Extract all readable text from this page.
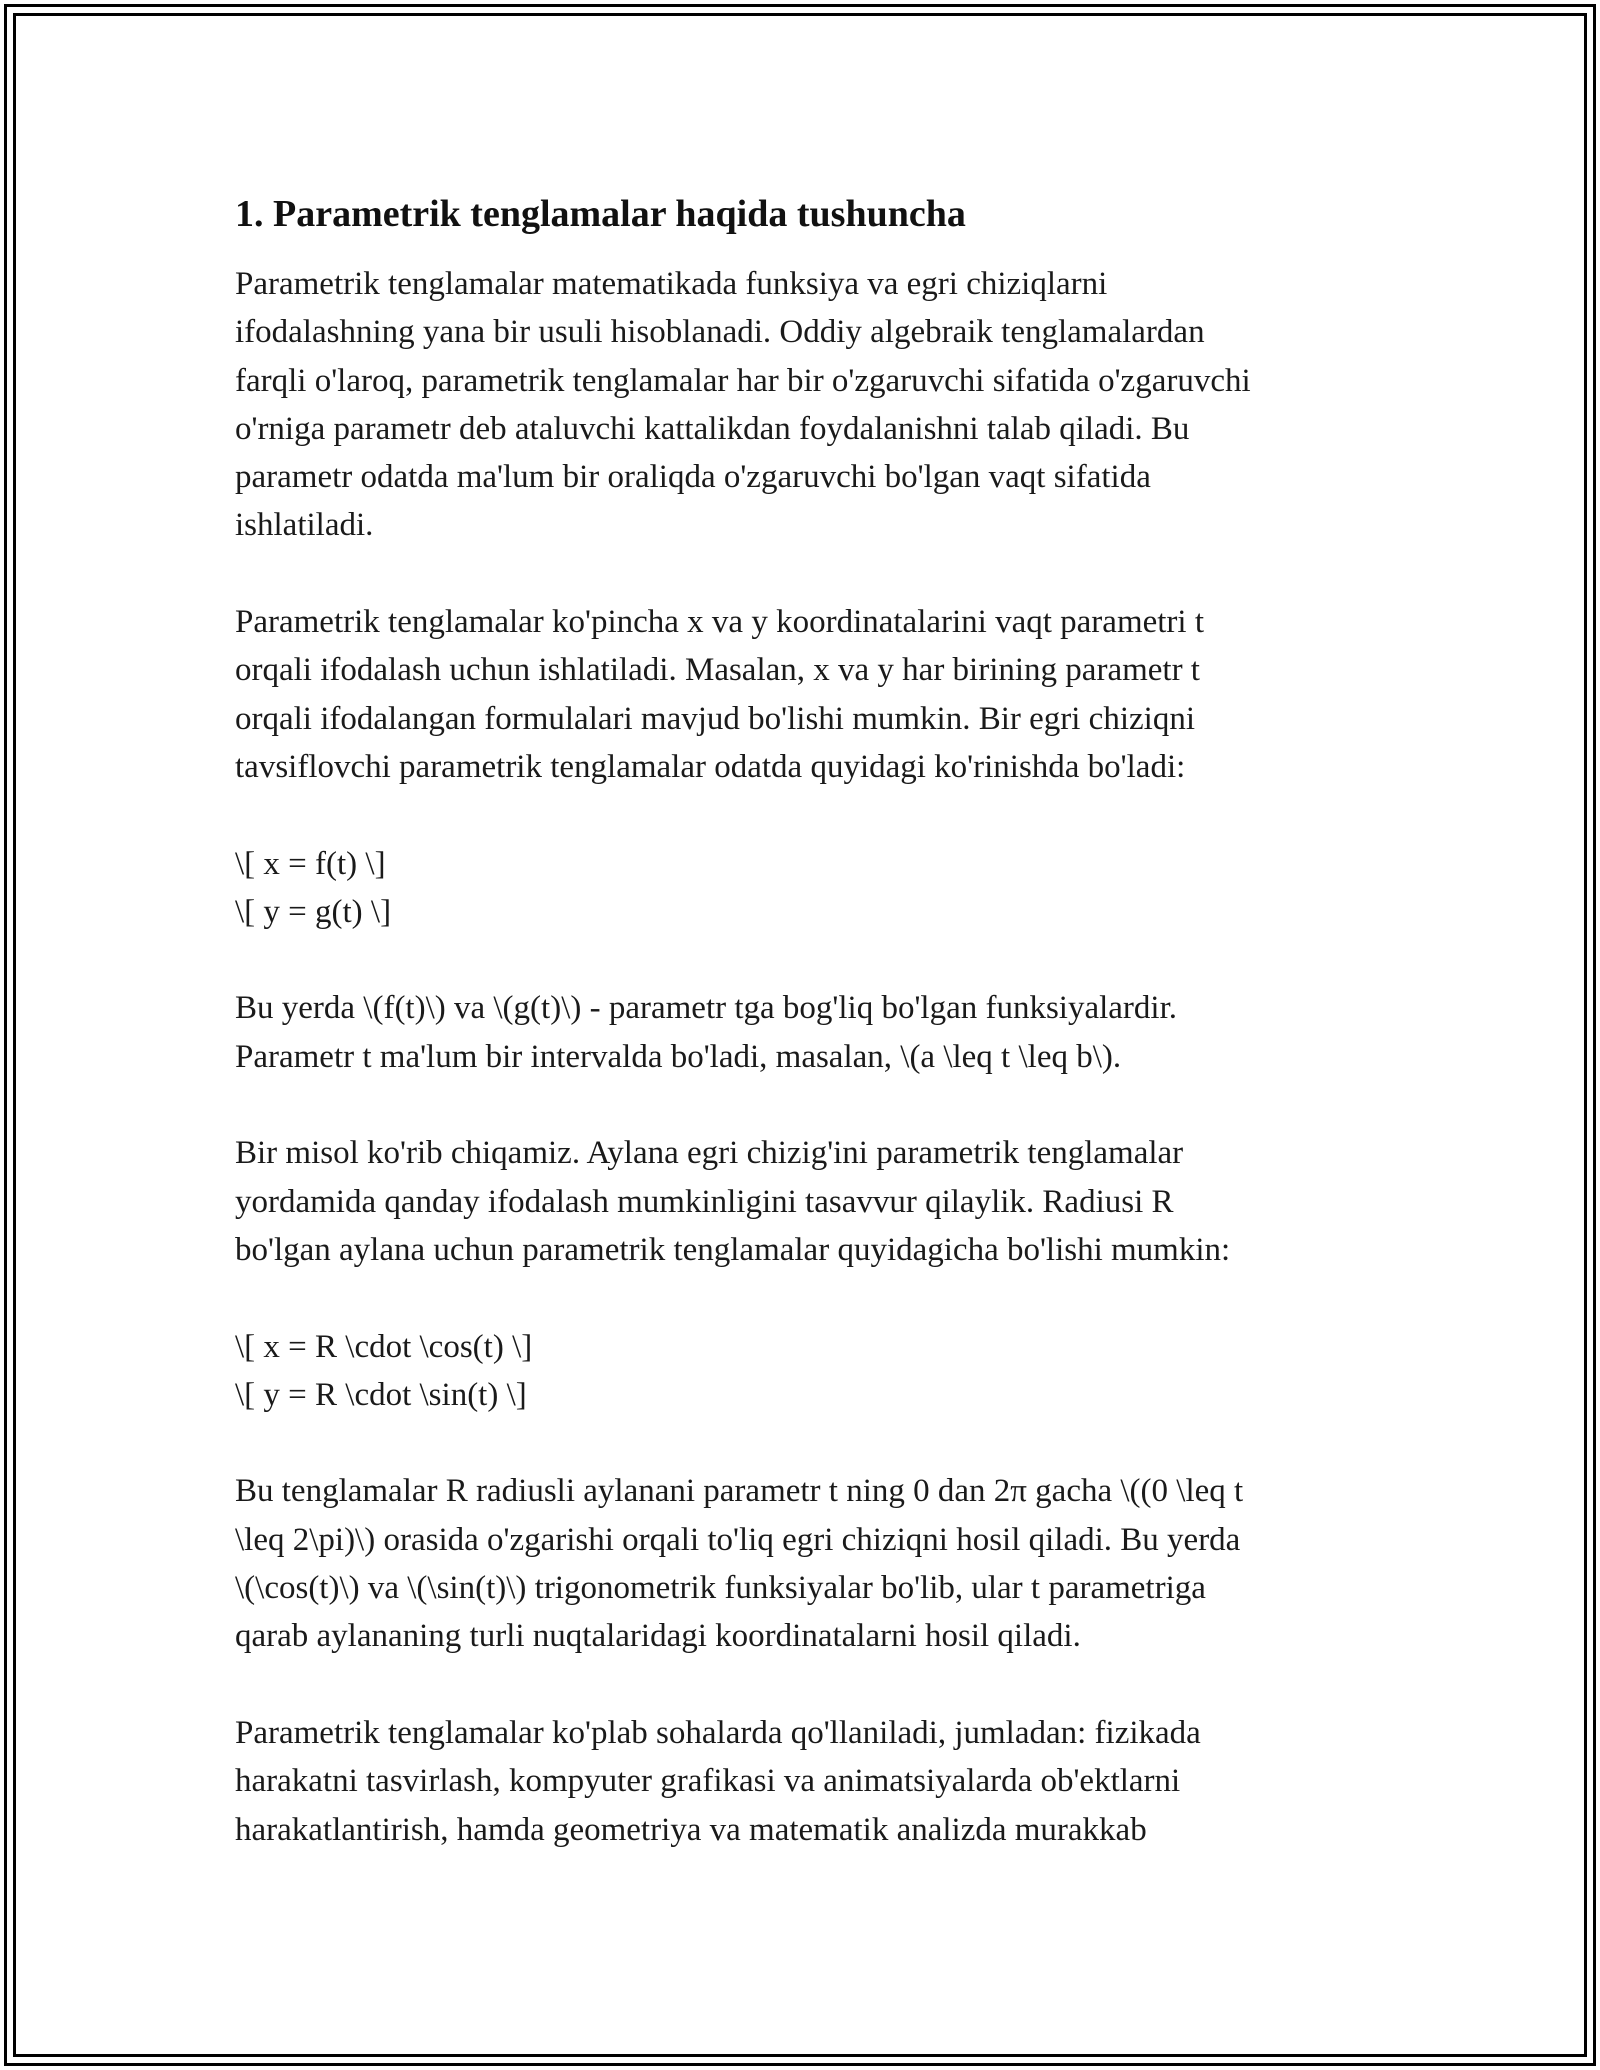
1. Parametrik tenglamalar haqida tushuncha
Parametrik tenglamalar matematikada funksiya va egri chiziqlarni
ifodalashning yana bir usuli hisoblanadi. Oddiy algebraik tenglamalardan
farqli o'laroq, parametrik tenglamalar har bir o'zgaruvchi sifatida o'zgaruvchi
o'rniga parametr deb ataluvchi kattalikdan foydalanishni talab qiladi. Bu
parametr odatda ma'lum bir oraliqda o'zgaruvchi bo'lgan vaqt sifatida
ishlatiladi.

Parametrik tenglamalar ko'pincha x va y koordinatalarini vaqt parametri t
orqali ifodalash uchun ishlatiladi. Masalan, x va y har birining parametr t
orqali ifodalangan formulalari mavjud bo'lishi mumkin. Bir egri chiziqni
tavsiflovchi parametrik tenglamalar odatda quyidagi ko'rinishda bo'ladi:

\[ x = f(t) \]
\[ y = g(t) \]

Bu yerda \(f(t)\) va \(g(t)\) - parametr tga bog'liq bo'lgan funksiyalardir.
Parametr t ma'lum bir intervalda bo'ladi, masalan, \(a \leq t \leq b\).

Bir misol ko'rib chiqamiz. Aylana egri chizig'ini parametrik tenglamalar
yordamida qanday ifodalash mumkinligini tasavvur qilaylik. Radiusi R
bo'lgan aylana uchun parametrik tenglamalar quyidagicha bo'lishi mumkin:

\[ x = R \cdot \cos(t) \]
\[ y = R \cdot \sin(t) \]

Bu tenglamalar R radiusli aylanani parametr t ning 0 dan 2π gacha \((0 \leq t
\leq 2\pi)\) orasida o'zgarishi orqali to'liq egri chiziqni hosil qiladi. Bu yerda
\(\cos(t)\) va \(\sin(t)\) trigonometrik funksiyalar bo'lib, ular t parametriga
qarab aylananing turli nuqtalaridagi koordinatalarni hosil qiladi.

Parametrik tenglamalar ko'plab sohalarda qo'llaniladi, jumladan: fizikada
harakatni tasvirlash, kompyuter grafikasi va animatsiyalarda ob'ektlarni
harakatlantirish, hamda geometriya va matematik analizda murakkab
